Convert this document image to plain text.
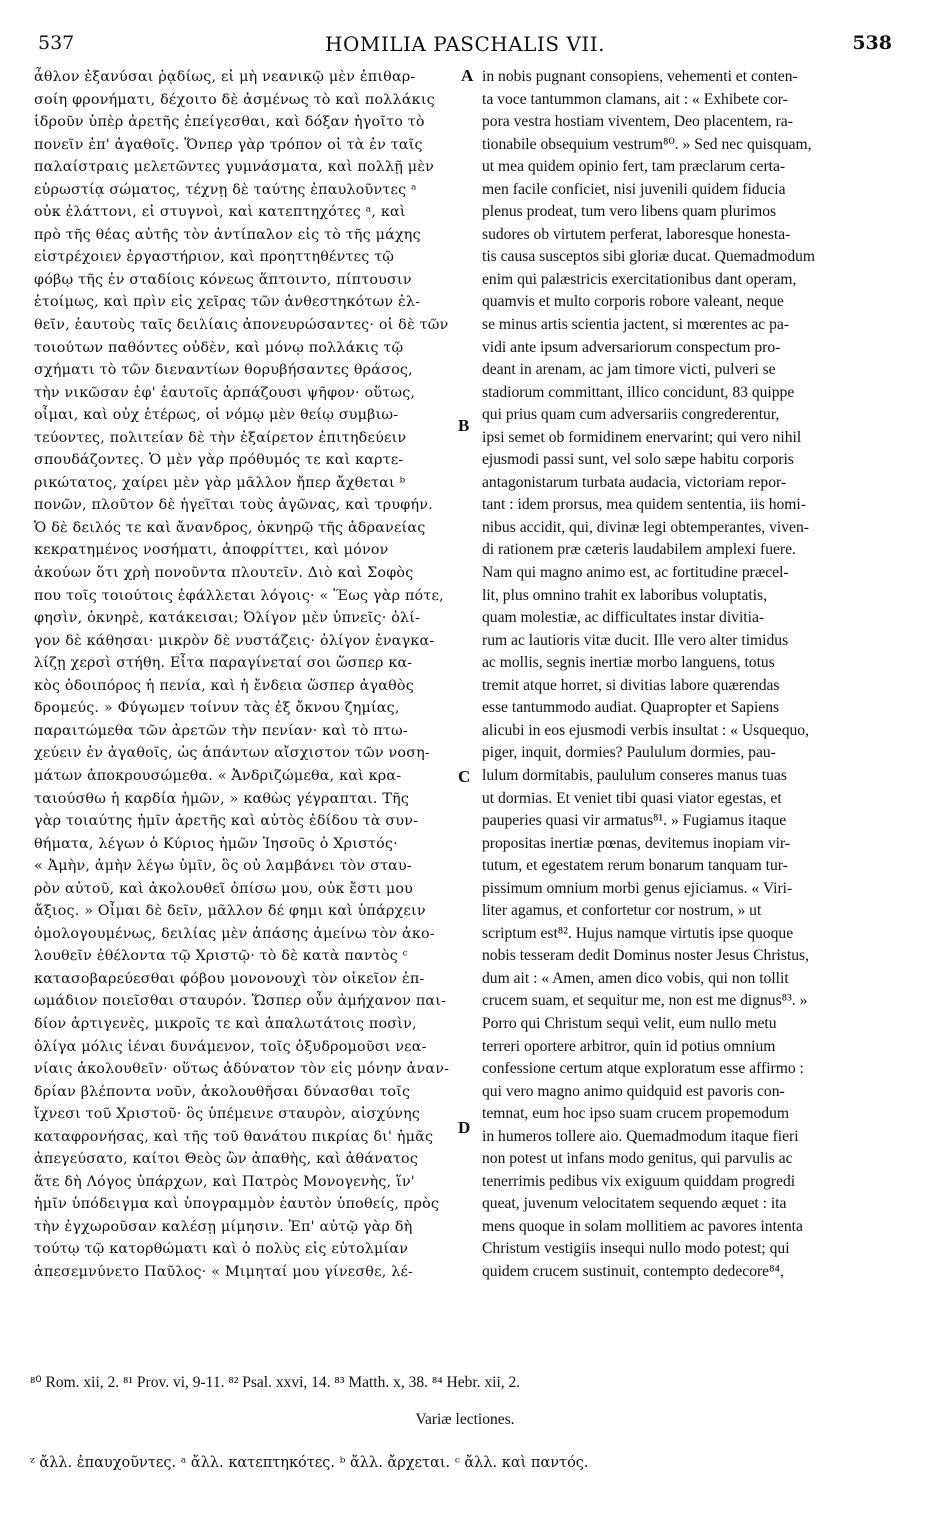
537	HOMILIA PASCHALIS VII.	538
ἆθλον ἐξανύσαι ῥᾳδίως, εἰ μὴ νεανικῷ μὲν ἐπιθαρ-
σοίη φρονήματι, δέχοιτο δὲ ἀσμένως τὸ καὶ πολλάκις
ἱδροῦν ὑπὲρ ἀρετῆς ἐπείγεσθαι, καὶ δόξαν ἡγοῖτο τὸ
πονεῖν ἐπ' ἀγαθοῖς. Ὅνπερ γὰρ τρόπον οἱ τὰ ἐν ταῖς
παλαίστραις μελετῶντες γυμνάσματα, καὶ πολλῇ μὲν
εὐρωστίᾳ σώματος, τέχνῃ δὲ ταύτης ἐπαυλοῦντες ᵃ
οὐκ ἐλάττονι, εἰ στυγνοὶ, καὶ κατεπτηχότες ᵃ, καὶ
πρὸ τῆς θέας αὐτῆς τὸν ἀντίπαλον εἰς τὸ τῆς μάχης
εἰστρέχοιεν ἐργαστήριον, καὶ προηττηθέντες τῷ
φόβῳ τῆς ἐν σταδίοις κόνεως ἅπτοιντο, πίπτουσιν
ἑτοίμως, καὶ πρὶν εἰς χεῖρας τῶν ἀνθεστηκότων ἐλ-
θεῖν, ἑαυτοὺς ταῖς δειλίαις ἀπονευρώσαντες· οἱ δὲ τῶν
τοιούτων παθόντες οὐδὲν, καὶ μόνῳ πολλάκις τῷ
σχήματι τὸ τῶν διεναντίων θορυβήσαντες θράσος,
τὴν νικῶσαν ἐφ' ἑαυτοῖς ἁρπάζουσι ψῆφον· οὕτως,
οἶμαι, καὶ οὐχ ἑτέρως, οἱ νόμῳ μὲν θείῳ συμβιω-
τεύοντες, πολιτείαν δὲ τὴν ἐξαίρετον ἐπιτηδεύειν
σπουδάζοντες. Ὁ μὲν γὰρ πρόθυμός τε καὶ καρτε-
ρικώτατος, χαίρει μὲν γὰρ μᾶλλον ἤπερ ἄχθεται ᵇ
πονῶν, πλοῦτον δὲ ἡγεῖται τοὺς ἀγῶνας, καὶ τρυφήν.
Ὁ δὲ δειλός τε καὶ ἄνανδρος, ὀκνηρῷ τῆς ἀδρανείας
κεκρατημένος νοσήματι, ἀποφρίττει, καὶ μόνον
ἀκούων ὅτι χρὴ πονοῦντα πλουτεῖν. Διὸ καὶ Σοφὸς
που τοῖς τοιούτοις ἐφάλλεται λόγοις· « Ἕως γὰρ πότε,
φησὶν, ὀκνηρὲ, κατάκεισαι; Ὀλίγον μὲν ὑπνεῖς· ὀλί-
γον δὲ κάθησαι· μικρὸν δὲ νυστάζεις· ὀλίγον ἐναγκα-
λίζῃ χερσὶ στήθη. Εἶτα παραγίνεταί σοι ὥσπερ κα-
κὸς ὁδοιπόρος ἡ πενία, καὶ ἡ ἔνδεια ὥσπερ ἀγαθὸς
δρομεύς. » Φύγωμεν τοίνυν τὰς ἐξ ὄκνου ζημίας,
παραιτώμεθα τῶν ἀρετῶν τὴν πενίαν· καὶ τὸ πτω-
χεύειν ἐν ἀγαθοῖς, ὡς ἁπάντων αἴσχιστον τῶν νοση-
μάτων ἀποκρουσώμεθα. « Ἀνδριζώμεθα, καὶ κρα-
ταιούσθω ἡ καρδία ἡμῶν, » καθὼς γέγραπται. Τῆς
γὰρ τοιαύτης ἡμῖν ἀρετῆς καὶ αὐτὸς ἐδίδου τὰ συν-
θήματα, λέγων ὁ Κύριος ἡμῶν Ἰησοῦς ὁ Χριστός·
« Ἀμὴν, ἀμὴν λέγω ὑμῖν, ὃς οὐ λαμβάνει τὸν σταυ-
ρὸν αὐτοῦ, καὶ ἀκολουθεῖ ὀπίσω μου, οὐκ ἔστι μου
ἄξιος. » Οἶμαι δὲ δεῖν, μᾶλλον δέ φημι καὶ ὑπάρχειν
ὁμολογουμένως, δειλίας μὲν ἁπάσης ἀμείνω τὸν ἀκο-
λουθεῖν ἐθέλοντα τῷ Χριστῷ· τὸ δὲ κατὰ παντὸς ᶜ
κατασοβαρεύεσθαι φόβου μονονουχὶ τὸν οἰκεῖον ἐπ-
ωμάδιον ποιεῖσθαι σταυρόν. Ὥσπερ οὖν ἀμήχανον παι-
δίον ἀρτιγενὲς, μικροῖς τε καὶ ἁπαλωτάτοις ποσὶν,
ὀλίγα μόλις ἰέναι δυνάμενον, τοῖς ὀξυδρομοῦσι νεα-
νίαις ἀκολουθεῖν· οὕτως ἀδύνατον τὸν εἰς μόνην ἀναν-
δρίαν βλέποντα νοῦν, ἀκολουθῆσαι δύνασθαι τοῖς
ἴχνεσι τοῦ Χριστοῦ· ὃς ὑπέμεινε σταυρὸν, αἰσχύνης
καταφρονήσας, καὶ τῆς τοῦ θανάτου πικρίας δι' ἡμᾶς
ἀπεγεύσατο, καίτοι Θεὸς ὢν ἀπαθὴς, καὶ ἀθάνατος
ἅτε δὴ Λόγος ὑπάρχων, καὶ Πατρὸς Μονογενὴς, ἵν'
ἡμῖν ὑπόδειγμα καὶ ὑπογραμμὸν ἑαυτὸν ὑποθείς, πρὸς
τὴν ἐγχωροῦσαν καλέσῃ μίμησιν. Ἐπ' αὐτῷ γὰρ δὴ
τούτῳ τῷ κατορθώματι καὶ ὁ πολὺς εἰς εὐτολμίαν
ἀπεσεμνύνετο Παῦλος· « Μιμηταί μου γίνεσθε, λέ-
in nobis pugnant consopiens, vehementi et conten-
ta voce tantummon clamans, ait : « Exhibete cor-
pora vestra hostiam viventem, Deo placentem, ra-
tionabile obsequium vestrum⁸⁰. » Sed nec quisquam,
ut mea quidem opinio fert, tam præclarum certa-
men facile conficiet, nisi juvenili quidem fiducia
plenus prodeat, tum vero libens quam plurimos
sudores ob virtutem perferat, laboresque honesta-
tis causa susceptos sibi gloriæ ducat. Quemadmodum
enim qui palæstricis exercitationibus dant operam,
quamvis et multo corporis robore valeant, neque
se minus artis scientia jactent, si mœrentes ac pa-
vidi ante ipsum adversariorum conspectum pro-
deant in arenam, ac jam timore victi, pulveri se
stadiorum committant, illico concidunt, 83 quippe
qui prius quam cum adversariis congrederentur,
ipsi semet ob formidinem enervarint; qui vero nihil
ejusmodi passi sunt, vel solo sæpe habitu corporis
antagonistarum turbata audacia, victoriam repor-
tant : idem prorsus, mea quidem sententia, iis homi-
nibus accidit, qui, divinæ legi obtemperantes, viven-
di rationem præ cæteris laudabilem amplexi fuere.
Nam qui magno animo est, ac fortitudine præcel-
lit, plus omnino trahit ex laboribus voluptatis,
quam molestiæ, ac difficultates instar divitia-
rum ac lautioris vitæ ducit. Ille vero alter timidus
ac mollis, segnis inertiæ morbo languens, totus
tremit atque horret, si divitias labore quærendas
esse tantummodo audiat. Quapropter et Sapiens
alicubi in eos ejusmodi verbis insultat : « Usquequo,
piger, inquit, dormies? Paululum dormies, pau-
lulum dormitabis, paululum conseres manus tuas
ut dormias. Et veniet tibi quasi viator egestas, et
pauperies quasi vir armatus⁸¹. » Fugiamus itaque
propositas inertiæ pœnas, devitemus inopiam vir-
tutum, et egestatem rerum bonarum tanquam tur-
pissimum omnium morbi genus ejiciamus. « Viri-
liter agamus, et confortetur cor nostrum, » ut
scriptum est⁸². Hujus namque virtutis ipse quoque
nobis tesseram dedit Dominus noster Jesus Christus,
dum ait : « Amen, amen dico vobis, qui non tollit
crucem suam, et sequitur me, non est me dignus⁸³. »
Porro qui Christum sequi velit, eum nullo metu
terreri oportere arbitror, quin id potius omnium
confessione certum atque exploratum esse affirmo :
qui vero magno animo quidquid est pavoris con-
temnat, eum hoc ipso suam crucem propemodum
in humeros tollere aio. Quemadmodum itaque fieri
non potest ut infans modo genitus, qui parvulis ac
tenerrimis pedibus vix exiguum quiddam progredi
queat, juvenum velocitatem sequendo æquet : ita
mens quoque in solam mollitiem ac pavores intenta
Christum vestigiis insequi nullo modo potest; qui
quidem crucem sustinuit, contempto dedecore⁸⁴,
A
B
C
D
⁸⁰ Rom. xii, 2. ⁸¹ Prov. vi, 9-11. ⁸² Psal. xxvi, 14. ⁸³ Matth. x, 38. ⁸⁴ Hebr. xii, 2.
Variæ lectiones.
ᶻ ἄλλ. ἐπαυχοῦντες. ᵃ ἄλλ. κατεπτηκότες. ᵇ ἄλλ. ἄρχεται. ᶜ ἄλλ. καὶ παντός.
